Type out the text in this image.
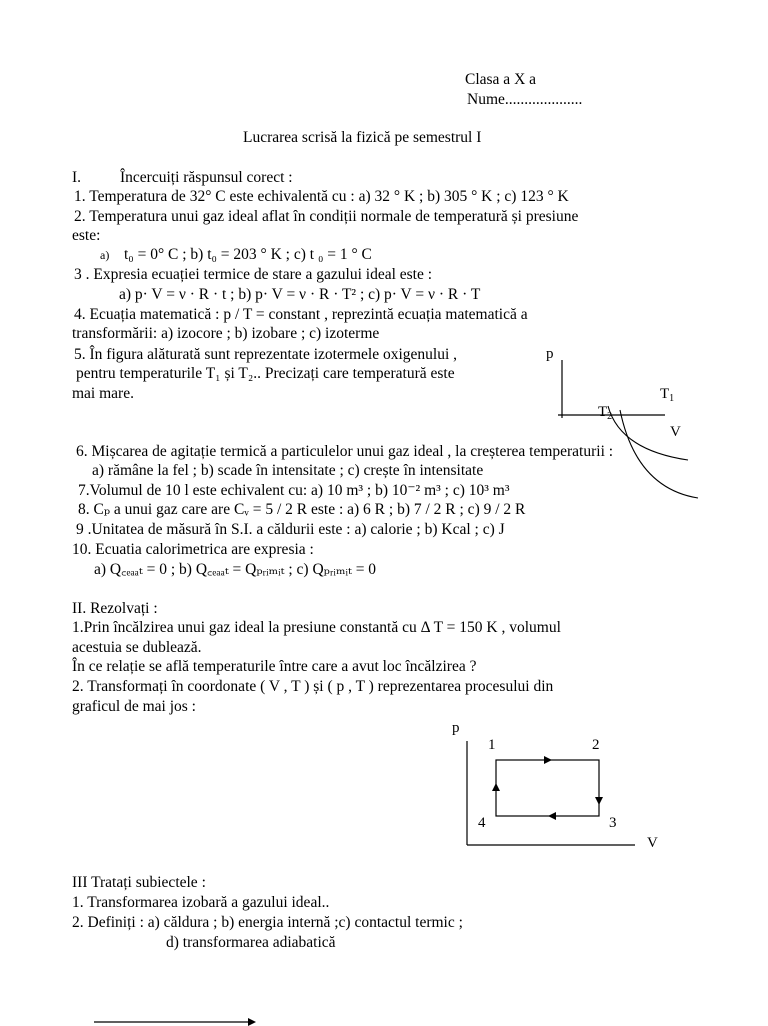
Clasa a X a
Nume....................
Lucrarea scrisă la fizică pe semestrul I
I.	Încercuiți răspunsul corect :
1. Temperatura de 32° C este echivalentă cu : a) 32 ° K ; b) 305 ° K ; c) 123 ° K
2. Temperatura unui gaz ideal aflat în condiții normale de temperatură și presiune
este:
a) t₀ = 0° C ; b) t₀ = 203 ° K ; c) t ₀ = 1 ° C
3 . Expresia ecuației termice de stare a gazului ideal este :
a) p· V = ν · R · t ; b) p· V = ν · R · T² ; c) p· V = ν · R · T
4. Ecuația matematică : p / T = constant , reprezintă ecuația matematică a
transformării: a) izocore ; b) izobare ; c) izoterme
5. În figura alăturată sunt reprezentate izotermele oxigenului ,
pentru temperaturile T₁ și T₂.. Precizați care temperatură este
mai mare.
p
$T_1$
$T_2$
V
6. Mișcarea de agitație termică a particulelor unui gaz ideal , la creșterea temperaturii :
a) rămâne la fel ; b) scade în intensitate ; c) crește în intensitate
7.Volumul de 10 l este echivalent cu: a) 10 m³ ; b) 10⁻² m³ ; c) 10³ m³
8. Cₚ a unui gaz care are Cᵥ = 5 / 2 R este : a) 6 R ; b) 7 / 2 R ; c) 9 / 2 R
9 .Unitatea de măsură în S.I. a căldurii este : a) calorie ; b) Kcal ; c) J
10. Ecuatia calorimetrica are expresia :
a) Q꜀ₑₐₐₜ = 0 ; b) Q꜀ₑₐₐₜ = Qₚᵣᵢₘᵢₜ ; c) Qₚᵣᵢₘᵢₜ = 0
II. Rezolvați :
1.Prin încălzirea unui gaz ideal la presiune constantă cu Δ T = 150 K , volumul
acestuia se dublează.
În ce relație se află temperaturile între care a avut loc încălzirea ?
2. Transformați în coordonate ( V , T ) și ( p , T ) reprezentarea procesului din
graficul de mai jos :
p
1	2
3
4
V
III Tratați subiectele :
1. Transformarea izobară a gazului ideal..
2. Definiți : a) căldura ; b) energia internă ;c) contactul termic ;
d) transformarea adiabatică
